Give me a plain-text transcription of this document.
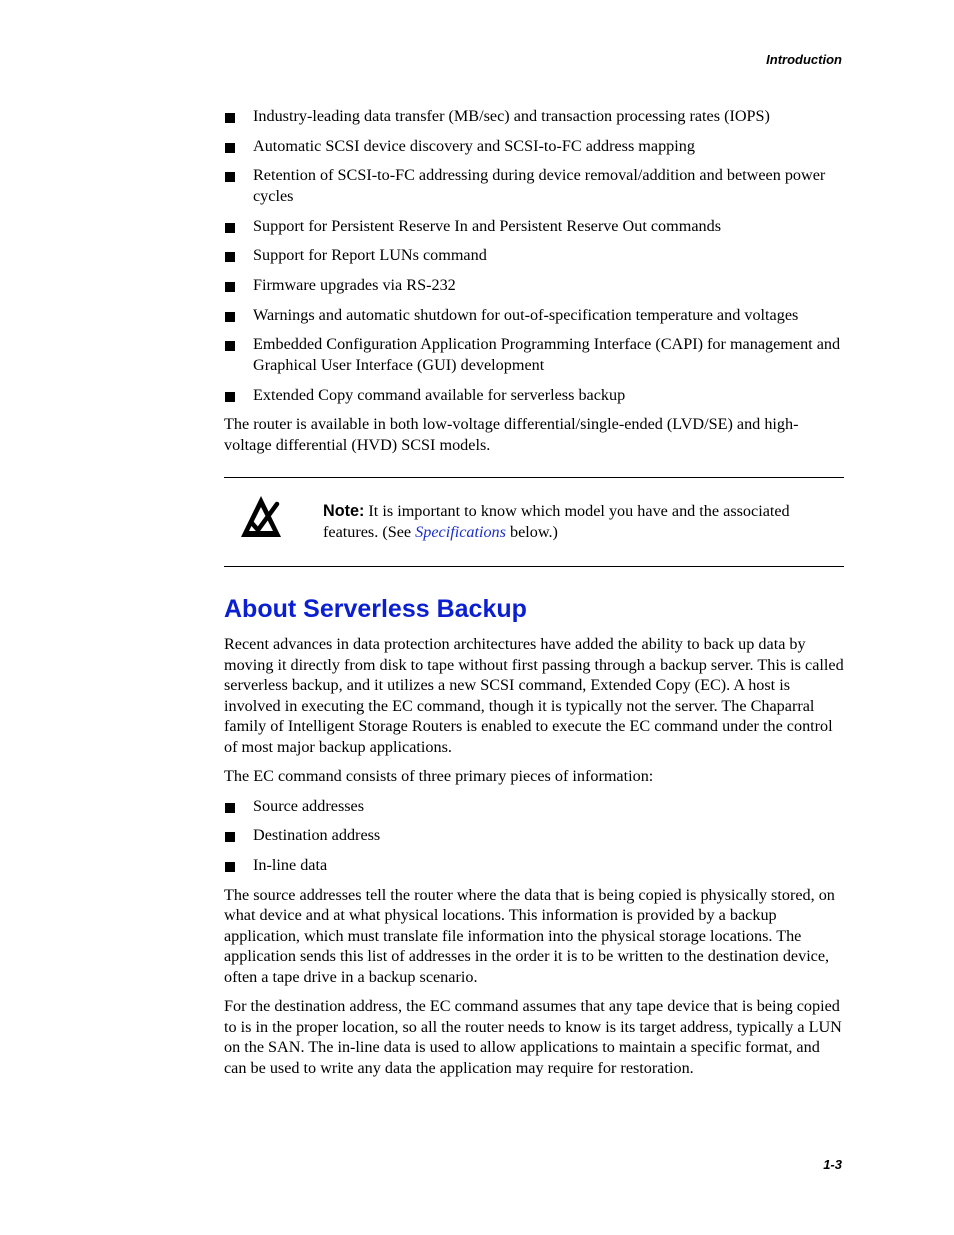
Introduction
Industry-leading data transfer (MB/sec) and transaction processing rates (IOPS)
Automatic SCSI device discovery and SCSI-to-FC address mapping
Retention of SCSI-to-FC addressing during device removal/addition and between power cycles
Support for Persistent Reserve In and Persistent Reserve Out commands
Support for Report LUNs command
Firmware upgrades via RS-232
Warnings and automatic shutdown for out-of-specification temperature and voltages
Embedded Configuration Application Programming Interface (CAPI) for management and Graphical User Interface (GUI) development
Extended Copy command available for serverless backup

The router is available in both low-voltage differential/single-ended (LVD/SE) and high-voltage differential (HVD) SCSI models.

Note: It is important to know which model you have and the associated features. (See Specifications below.)
About Serverless Backup

Recent advances in data protection architectures have added the ability to back up data by moving it directly from disk to tape without first passing through a backup server. This is called serverless backup, and it utilizes a new SCSI command, Extended Copy (EC). A host is involved in executing the EC command, though it is typically not the server. The Chaparral family of Intelligent Storage Routers is enabled to execute the EC command under the control of most major backup applications.

The EC command consists of three primary pieces of information:

Source addresses
Destination address
In-line data

The source addresses tell the router where the data that is being copied is physically stored, on what device and at what physical locations. This information is provided by a backup application, which must translate file information into the physical storage locations. The application sends this list of addresses in the order it is to be written to the destination device, often a tape drive in a backup scenario.

For the destination address, the EC command assumes that any tape device that is being copied to is in the proper location, so all the router needs to know is its target address, typically a LUN on the SAN. The in-line data is used to allow applications to maintain a specific format, and can be used to write any data the application may require for restoration.

1-3
